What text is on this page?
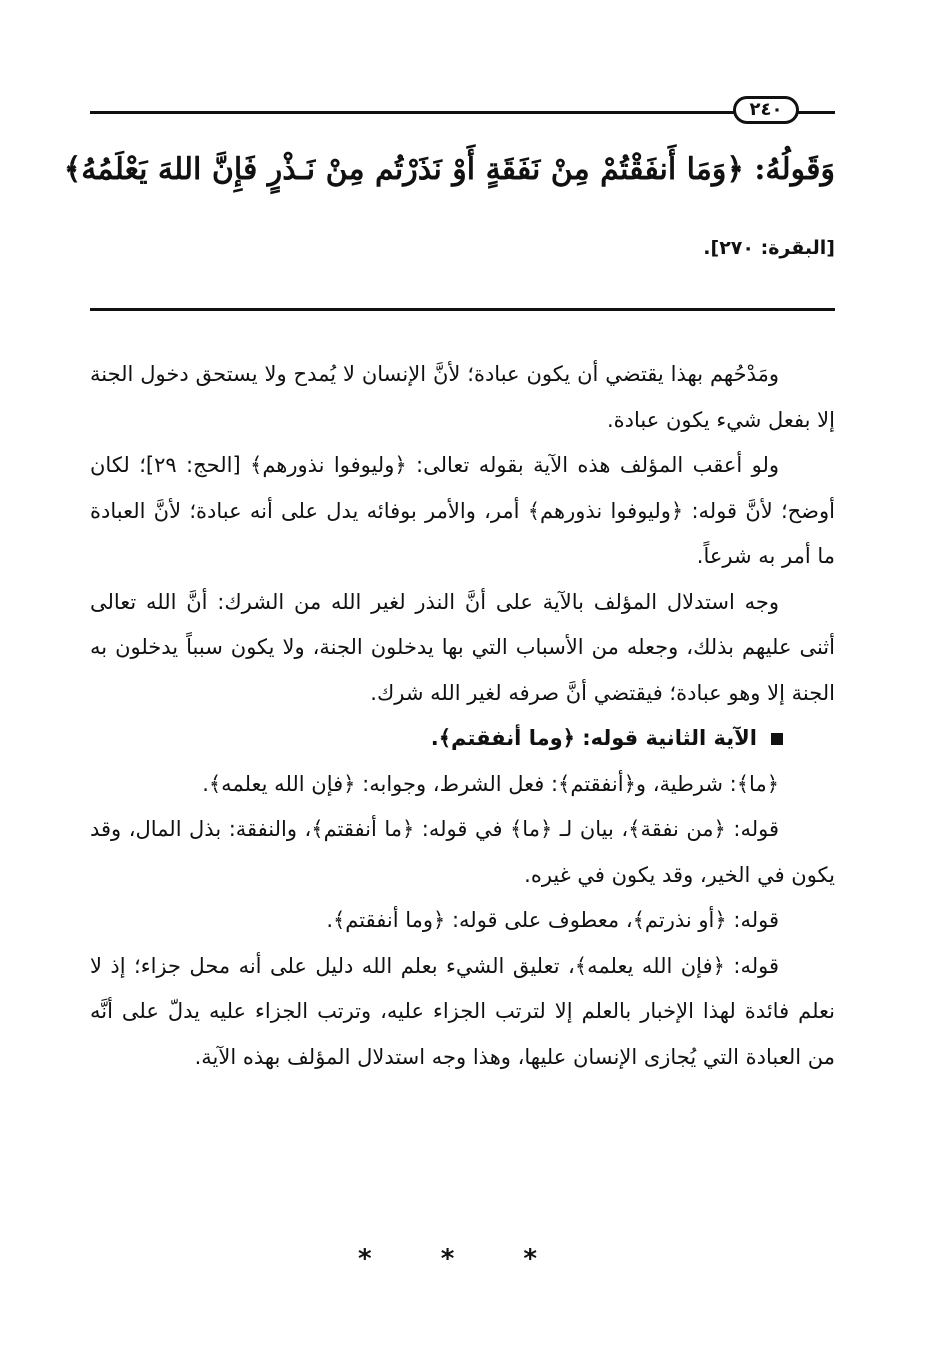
٢٤٠
وَقَولُهُ: ﴿وَمَا أَنفَقْتُمْ مِنْ نَفَقَةٍ أَوْ نَذَرْتُم مِنْ نَـذْرٍ فَإِنَّ اللهَ يَعْلَمُهُ﴾
[البقرة: ٢٧٠].

ومَدْحُهم بهذا يقتضي أن يكون عبادة؛ لأنَّ الإنسان لا يُمدح ولا يستحق دخول الجنة إلا بفعل شيء يكون عبادة.

ولو أعقب المؤلف هذه الآية بقوله تعالى: ﴿وليوفوا نذورهم﴾ [الحج: ٢٩]؛ لكان أوضح؛ لأنَّ قوله: ﴿وليوفوا نذورهم﴾ أمر، والأمر بوفائه يدل على أنه عبادة؛ لأنَّ العبادة ما أمر به شرعاً.

وجه استدلال المؤلف بالآية على أنَّ النذر لغير الله من الشرك: أنَّ الله تعالى أثنى عليهم بذلك، وجعله من الأسباب التي بها يدخلون الجنة، ولا يكون سبباً يدخلون به الجنة إلا وهو عبادة؛ فيقتضي أنَّ صرفه لغير الله شرك.

الآية الثانية قوله: ﴿وما أنفقتم﴾.

﴿ما﴾: شرطية، و﴿أنفقتم﴾: فعل الشرط، وجوابه: ﴿فإن الله يعلمه﴾.

قوله: ﴿من نفقة﴾، بيان لـ ﴿ما﴾ في قوله: ﴿ما أنفقتم﴾، والنفقة: بذل المال، وقد يكون في الخير، وقد يكون في غيره.

قوله: ﴿أو نذرتم﴾، معطوف على قوله: ﴿وما أنفقتم﴾.

قوله: ﴿فإن الله يعلمه﴾، تعليق الشيء بعلم الله دليل على أنه محل جزاء؛ إذ لا نعلم فائدة لهذا الإخبار بالعلم إلا لترتب الجزاء عليه، وترتب الجزاء عليه يدلّ على أنَّه من العبادة التي يُجازى الإنسان عليها، وهذا وجه استدلال المؤلف بهذه الآية.

* * *
